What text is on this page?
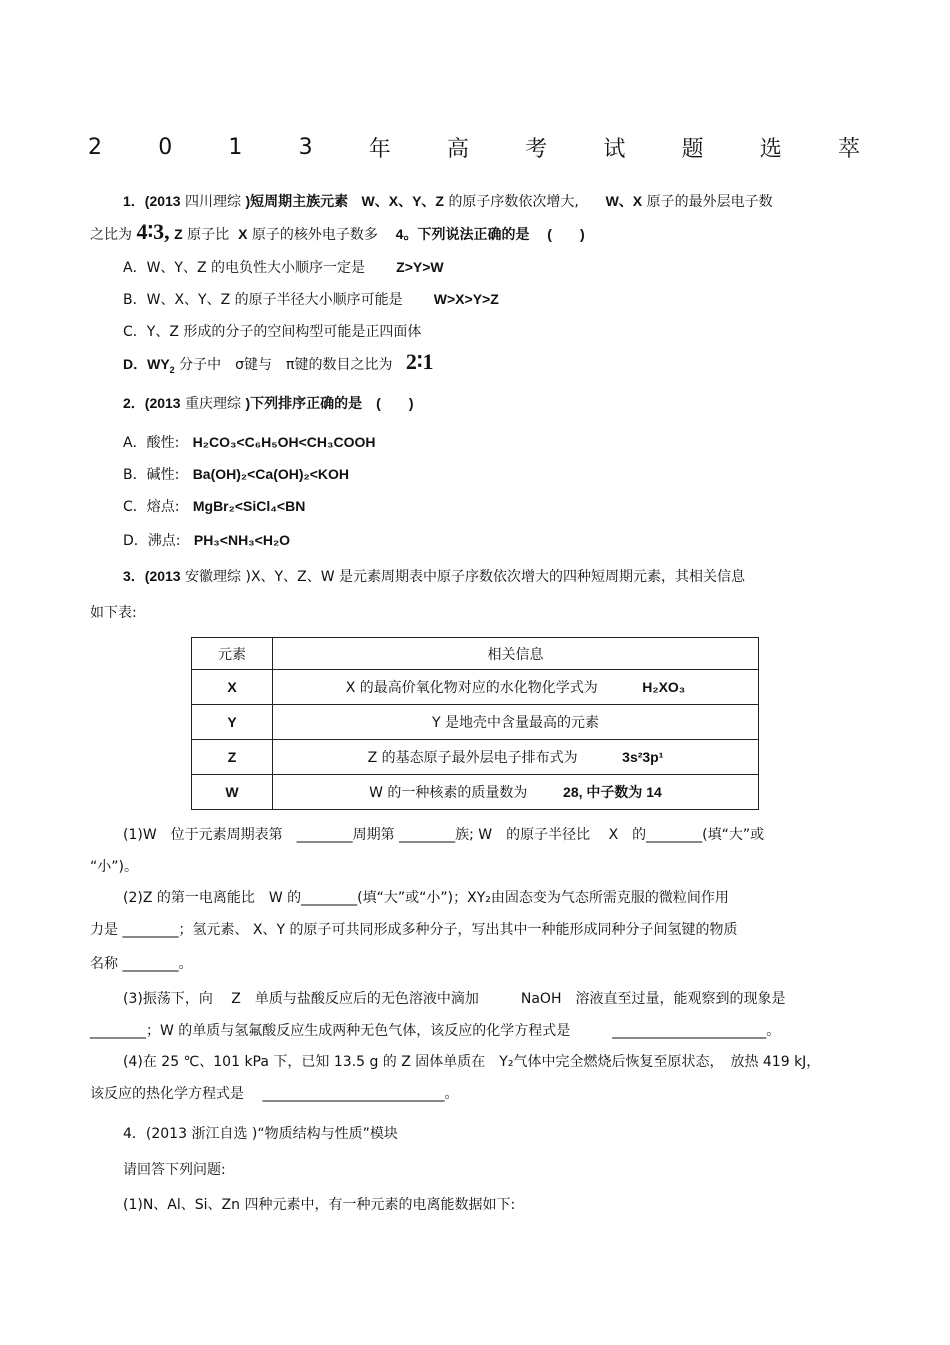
2	0	1	3	年	高	考	试	题	选	萃
1．(2013 四川理综 )短周期主族元素 W、X、Y、Z 的原子序数依次增大, W、X 原子的最外层电子数
之比为 4∶3, Z 原子比 X 原子的核外电子数多 4。下列说法正确的是 (　　)
A．W、Y、Z 的电负性大小顺序一定是 Z>Y>W
B．W、X、Y、Z 的原子半径大小顺序可能是 W>X>Y>Z
C．Y、Z 形成的分子的空间构型可能是正四面体
D．$WY_2$ 分子中　σ键与　π键的数目之比为 2∶1
2．(2013 重庆理综 )下列排序正确的是　(　　)
A．酸性: H₂CO₃<C₆H₅OH<CH₃COOH
B．碱性: Ba(OH)₂<Ca(OH)₂<KOH
C．熔点: MgBr₂<SiCl₄<BN
D．沸点: PH₃<NH₃<H₂O
3．(2013 安徽理综 )X、Y、Z、W 是元素周期表中原子序数依次增大的四种短周期元素，其相关信息
如下表:
元素	相关信息
X	X 的最高价氧化物对应的水化物化学式为 H₂XO₃
Y	Y 是地壳中含量最高的元素
Z	Z 的基态原子最外层电子排布式为 3s²3p¹
W	W 的一种核素的质量数为 28, 中子数为 14
(1)W　位于元素周期表第　________周期第 ________族; W　的原子半径比　 X　的________(填“大”或
“小”)。
(2)Z 的第一电离能比　W 的________(填“大”或“小”)；XY₂由固态变为气态所需克服的微粒间作用
力是 ________；氢元素、 X、Y 的原子可共同形成多种分子，写出其中一种能形成同种分子间氢键的物质
名称 ________。
(3)振荡下，向　 Z　单质与盐酸反应后的无色溶液中滴加　　　NaOH　溶液直至过量，能观察到的现象是
________；W 的单质与氢氟酸反应生成两种无色气体，该反应的化学方程式是　　　______________________。
(4)在 25 ℃、101 kPa 下，已知 13.5 g 的 Z 固体单质在　Y₂气体中完全燃烧后恢复至原状态，　放热 419 kJ，
该反应的热化学方程式是　 __________________________。
4．(2013 浙江自选 )“物质结构与性质”模块
请回答下列问题:
(1)N、Al、Si、Zn 四种元素中，有一种元素的电离能数据如下:
